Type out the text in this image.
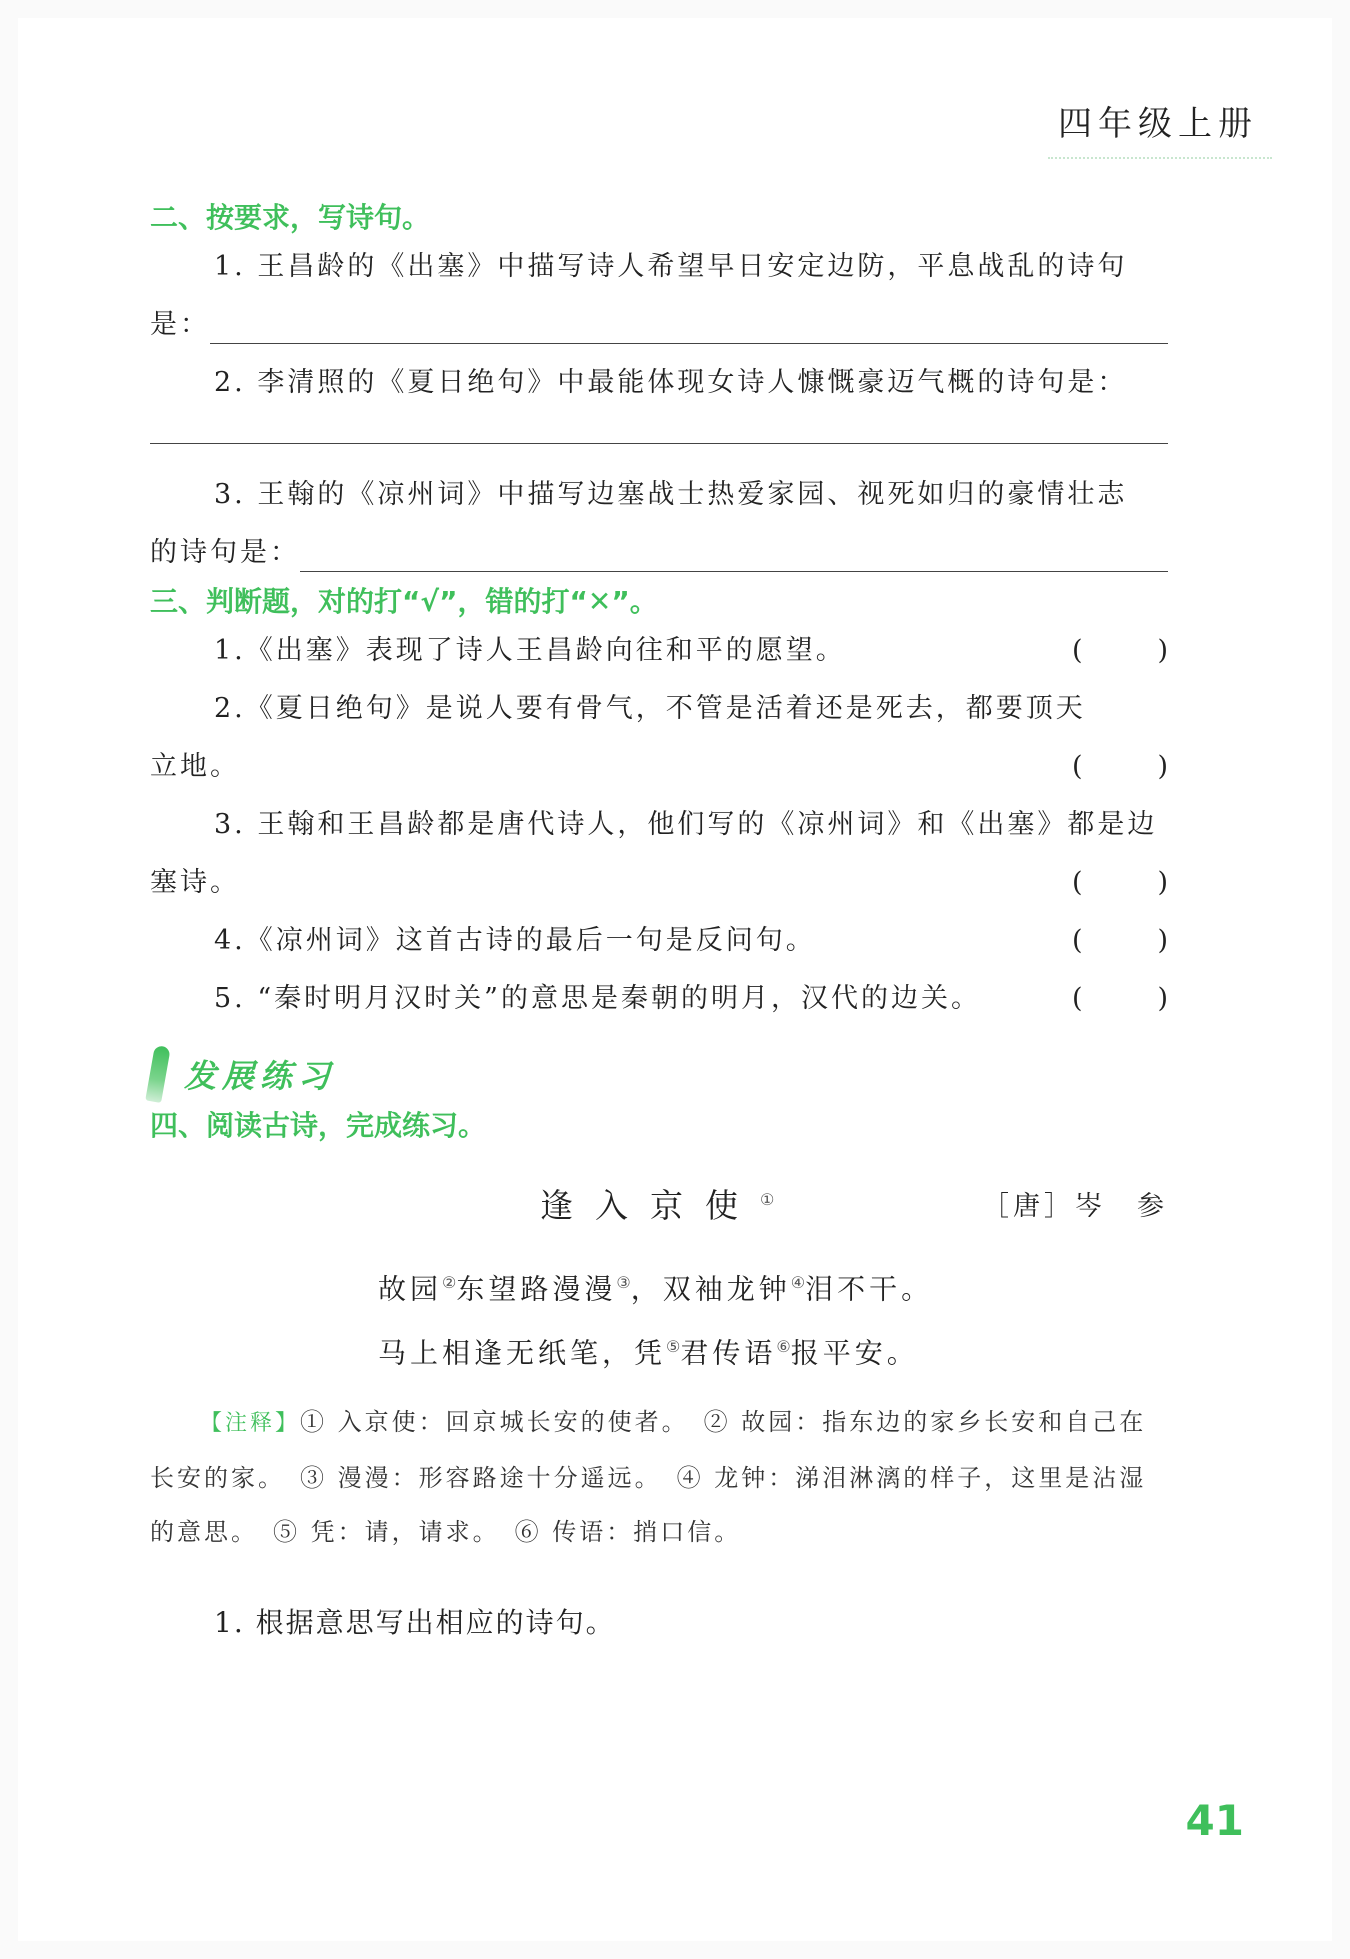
四年级上册
二、按要求，写诗句。
1. 王昌龄的《出塞》中描写诗人希望早日安定边防，平息战乱的诗句
是：
2. 李清照的《夏日绝句》中最能体现女诗人慷慨豪迈气概的诗句是：
3. 王翰的《凉州词》中描写边塞战士热爱家园、视死如归的豪情壮志
的诗句是：
三、判断题，对的打“√”，错的打“✕”。
1.《出塞》表现了诗人王昌龄向往和平的愿望。	(	)
2.《夏日绝句》是说人要有骨气，不管是活着还是死去，都要顶天
立地。	(	)
3. 王翰和王昌龄都是唐代诗人，他们写的《凉州词》和《出塞》都是边
塞诗。	(	)
4.《凉州词》这首古诗的最后一句是反问句。	(	)
5. “秦时明月汉时关”的意思是秦朝的明月，汉代的边关。	(	)
发展练习
四、阅读古诗，完成练习。
逢入京使①	［唐］岑　参
故园②东望路漫漫③，双袖龙钟④泪不干。
马上相逢无纸笔，凭⑤君传语⑥报平安。
【注释】① 入京使：回京城长安的使者。　② 故园：指东边的家乡长安和自己在
长安的家。　③ 漫漫：形容路途十分遥远。　④ 龙钟：涕泪淋漓的样子，这里是沾湿
的意思。　⑤ 凭：请，请求。　⑥ 传语：捎口信。
1. 根据意思写出相应的诗句。
41
